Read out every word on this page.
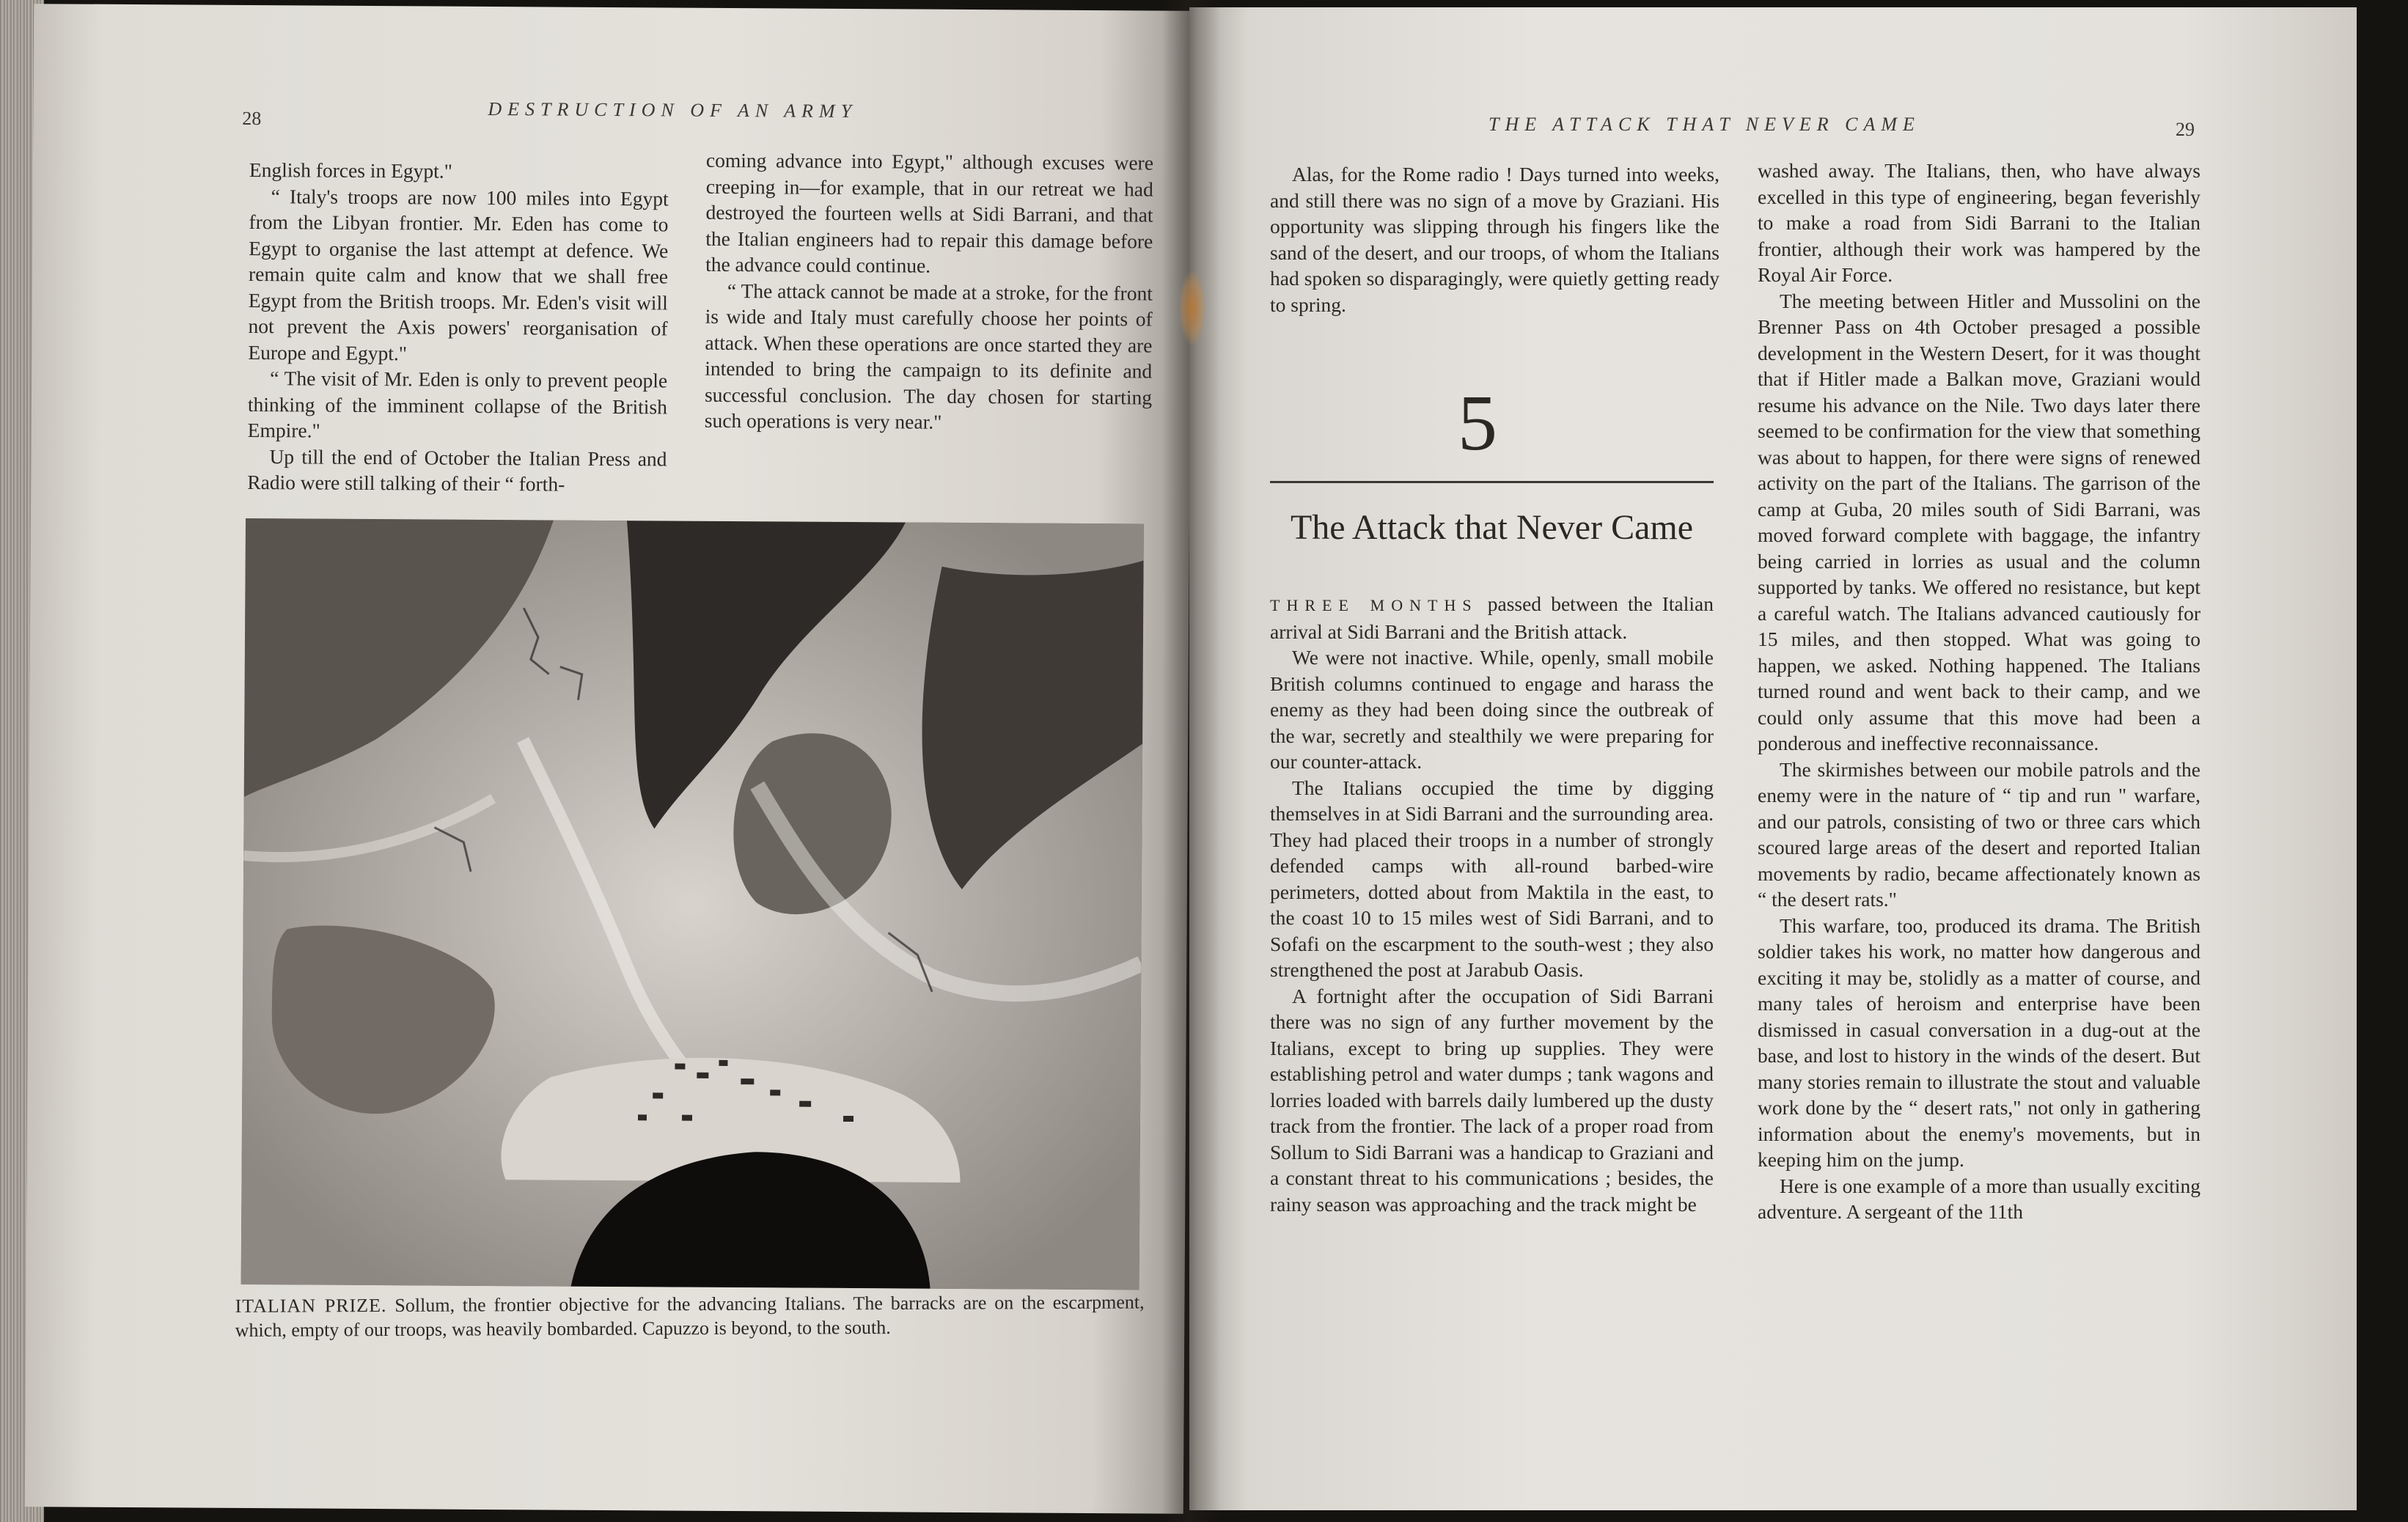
28	DESTRUCTION OF AN ARMY

English forces in Egypt."

“ Italy's troops are now 100 miles into Egypt from the Libyan frontier. Mr. Eden has come to Egypt to organise the last attempt at defence. We remain quite calm and know that we shall free Egypt from the British troops. Mr. Eden's visit will not prevent the Axis powers' reorganisation of Europe and Egypt."

“ The visit of Mr. Eden is only to prevent people thinking of the imminent collapse of the British Empire."

Up till the end of October the Italian Press and Radio were still talking of their “ forth-

coming advance into Egypt," although excuses were creeping in—for example, that in our retreat we had destroyed the fourteen wells at Sidi Barrani, and that the Italian engineers had to repair this damage before the advance could continue.

“ The attack cannot be made at a stroke, for the front is wide and Italy must carefully choose her points of attack. When these operations are once started they are intended to bring the campaign to its definite and successful conclusion. The day chosen for starting such operations is very near."

ITALIAN PRIZE. Sollum, the frontier objective for the advancing Italians. The barracks are on the escarpment, which, empty of our troops, was heavily bombarded. Capuzzo is beyond, to the south.
THE ATTACK THAT NEVER CAME	29

Alas, for the Rome radio ! Days turned into weeks, and still there was no sign of a move by Graziani. His opportunity was slipping through his fingers like the sand of the desert, and our troops, of whom the Italians had spoken so disparagingly, were quietly getting ready to spring.

5
The Attack that Never Came

THREE MONTHS passed between the Italian arrival at Sidi Barrani and the British attack.

We were not inactive. While, openly, small mobile British columns continued to engage and harass the enemy as they had been doing since the outbreak of the war, secretly and stealthily we were preparing for our counter-attack.

The Italians occupied the time by digging themselves in at Sidi Barrani and the surrounding area. They had placed their troops in a number of strongly defended camps with all-round barbed-wire perimeters, dotted about from Maktila in the east, to the coast 10 to 15 miles west of Sidi Barrani, and to Sofafi on the escarpment to the south-west ; they also strengthened the post at Jarabub Oasis.

A fortnight after the occupation of Sidi Barrani there was no sign of any further movement by the Italians, except to bring up supplies. They were establishing petrol and water dumps ; tank wagons and lorries loaded with barrels daily lumbered up the dusty track from the frontier. The lack of a proper road from Sollum to Sidi Barrani was a handicap to Graziani and a constant threat to his communications ; besides, the rainy season was approaching and the track might be

washed away. The Italians, then, who have always excelled in this type of engineering, began feverishly to make a road from Sidi Barrani to the Italian frontier, although their work was hampered by the Royal Air Force.

The meeting between Hitler and Mussolini on the Brenner Pass on 4th October presaged a possible development in the Western Desert, for it was thought that if Hitler made a Balkan move, Graziani would resume his advance on the Nile. Two days later there seemed to be confirmation for the view that something was about to happen, for there were signs of renewed activity on the part of the Italians. The garrison of the camp at Guba, 20 miles south of Sidi Barrani, was moved forward complete with baggage, the infantry being carried in lorries as usual and the column supported by tanks. We offered no resistance, but kept a careful watch. The Italians advanced cautiously for 15 miles, and then stopped. What was going to happen, we asked. Nothing happened. The Italians turned round and went back to their camp, and we could only assume that this move had been a ponderous and ineffective reconnaissance.

The skirmishes between our mobile patrols and the enemy were in the nature of “ tip and run " warfare, and our patrols, consisting of two or three cars which scoured large areas of the desert and reported Italian movements by radio, became affectionately known as “ the desert rats."

This warfare, too, produced its drama. The British soldier takes his work, no matter how dangerous and exciting it may be, stolidly as a matter of course, and many tales of heroism and enterprise have been dismissed in casual conversation in a dug-out at the base, and lost to history in the winds of the desert. But many stories remain to illustrate the stout and valuable work done by the “ desert rats," not only in gathering information about the enemy's movements, but in keeping him on the jump.

Here is one example of a more than usually exciting adventure. A sergeant of the 11th
